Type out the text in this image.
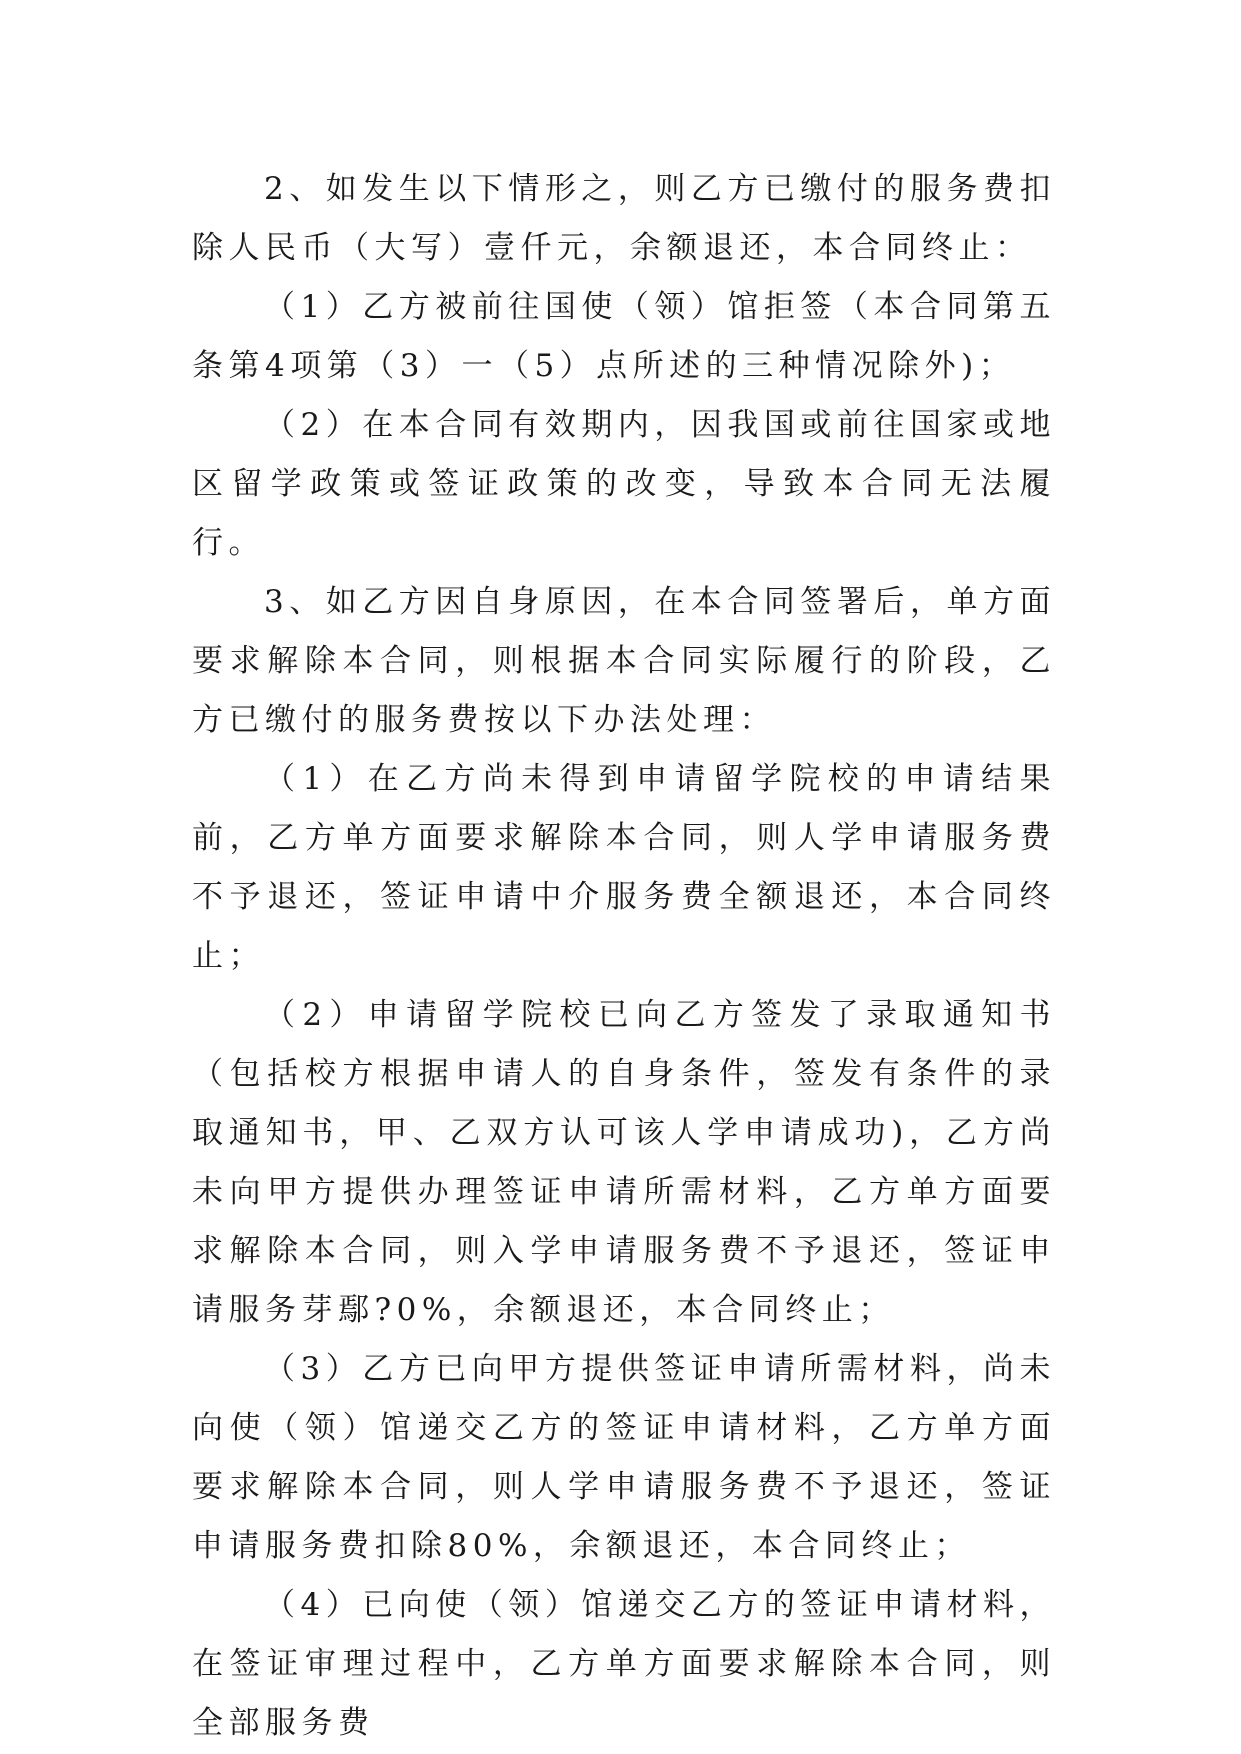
2、如发生以下情形之，则乙方已缴付的服务费扣除人民币（大写）壹仟元，余额退还，本合同终止：

（1）乙方被前往国使（领）馆拒签（本合同第五条第4项第（3）一（5）点所述的三种情况除外)；

（2）在本合同有效期内，因我国或前往国家或地区留学政策或签证政策的改变，导致本合同无法履行。

3、如乙方因自身原因，在本合同签署后，单方面要求解除本合同，则根据本合同实际履行的阶段，乙方已缴付的服务费按以下办法处理：

（1）在乙方尚未得到申请留学院校的申请结果前，乙方单方面要求解除本合同，则人学申请服务费不予退还，签证申请中介服务费全额退还，本合同终止；

（2）申请留学院校已向乙方签发了录取通知书（包括校方根据申请人的自身条件，签发有条件的录取通知书，甲、乙双方认可该人学申请成功)，乙方尚未向甲方提供办理签证申请所需材料，乙方单方面要求解除本合同，则入学申请服务费不予退还，签证申请服务芽鄢?0%，余额退还，本合同终止；

（3）乙方已向甲方提供签证申请所需材料，尚未向使（领）馆递交乙方的签证申请材料，乙方单方面要求解除本合同，则人学申请服务费不予退还，签证申请服务费扣除80%，余额退还，本合同终止；

（4）已向使（领）馆递交乙方的签证申请材料，在签证审理过程中，乙方单方面要求解除本合同，则全部服务费
